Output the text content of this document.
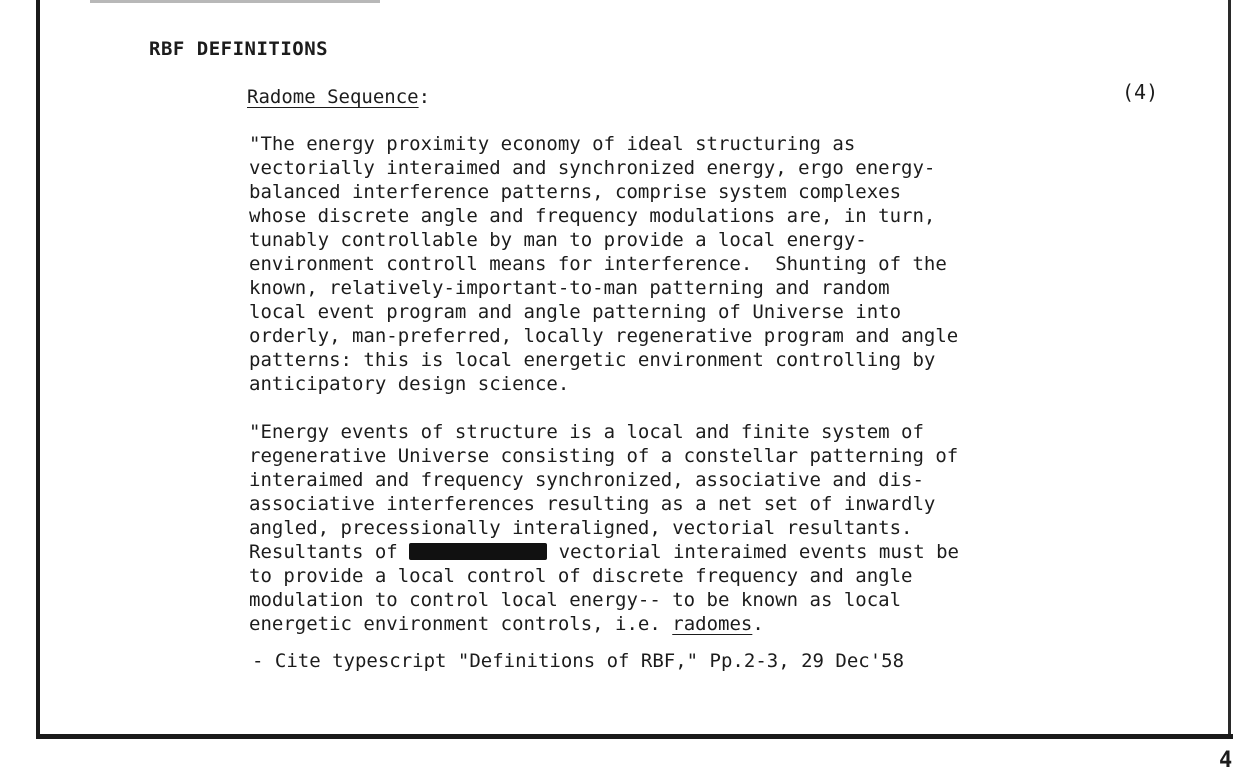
RBF DEFINITIONS
Radome Sequence:	(4)
"The energy proximity economy of ideal structuring as
vectorially interaimed and synchronized energy, ergo energy-
balanced interference patterns, comprise system complexes
whose discrete angle and frequency modulations are, in turn,
tunably controllable by man to provide a local energy-
environment controll means for interference.  Shunting of the
known, relatively-important-to-man patterning and random
local event program and angle patterning of Universe into
orderly, man-preferred, locally regenerative program and angle
patterns: this is local energetic environment controlling by
anticipatory design science.
"Energy events of structure is a local and finite system of
regenerative Universe consisting of a constellar patterning of
interaimed and frequency synchronized, associative and dis-
associative interferences resulting as a net set of inwardly
angled, precessionally interaligned, vectorial resultants.
Resultants of	vectorial interaimed events must be
to provide a local control of discrete frequency and angle
modulation to control local energy-- to be known as local
energetic environment controls, i.e. radomes.
- Cite typescript "Definitions of RBF," Pp.2-3, 29 Dec'58
4
